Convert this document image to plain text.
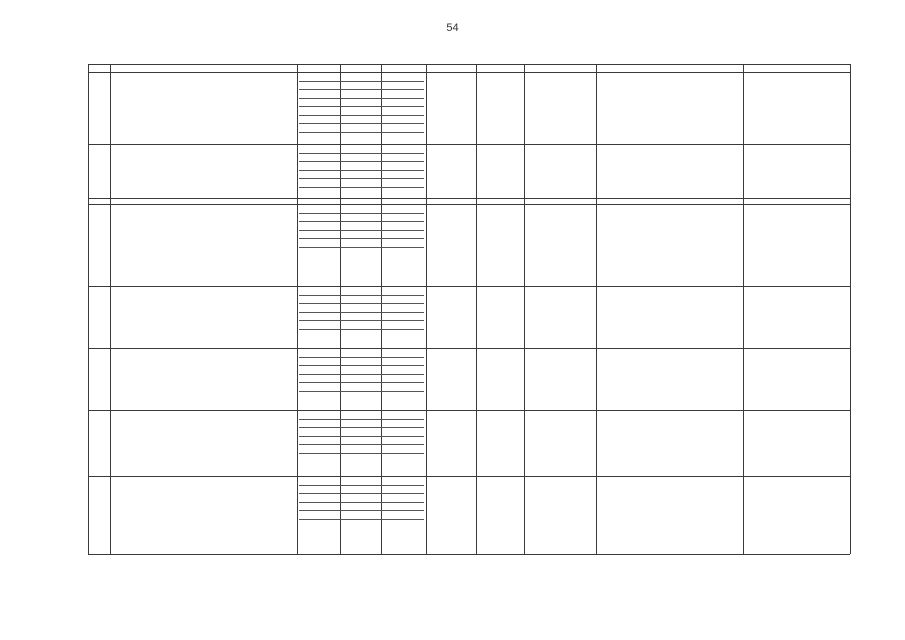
54
